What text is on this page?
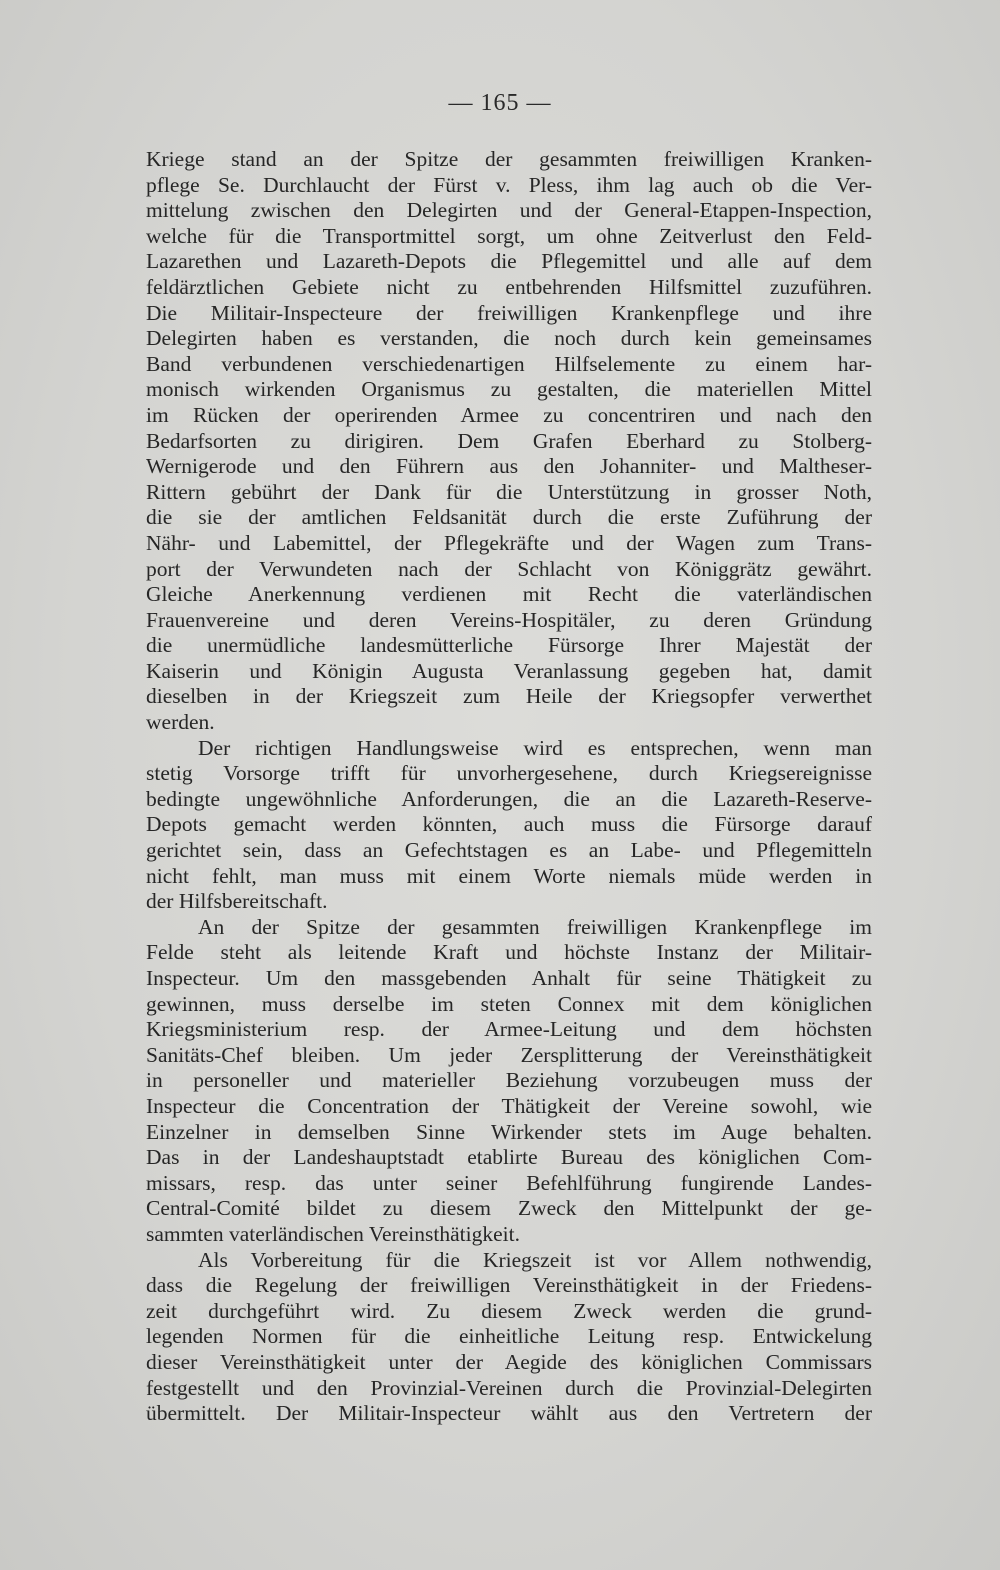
— 165 —
Kriege stand an der Spitze der gesammten freiwilligen Kranken-
pflege Se. Durchlaucht der Fürst v. Pless, ihm lag auch ob die Ver-
mittelung zwischen den Delegirten und der General-Etappen-Inspection,
welche für die Transportmittel sorgt, um ohne Zeitverlust den Feld-
Lazarethen und Lazareth-Depots die Pflegemittel und alle auf dem
feldärztlichen Gebiete nicht zu entbehrenden Hilfsmittel zuzuführen.
Die Militair-Inspecteure der freiwilligen Krankenpflege und ihre
Delegirten haben es verstanden, die noch durch kein gemeinsames
Band verbundenen verschiedenartigen Hilfselemente zu einem har-
monisch wirkenden Organismus zu gestalten, die materiellen Mittel
im Rücken der operirenden Armee zu concentriren und nach den
Bedarfsorten zu dirigiren. Dem Grafen Eberhard zu Stolberg-
Wernigerode und den Führern aus den Johanniter- und Maltheser-
Rittern gebührt der Dank für die Unterstützung in grosser Noth,
die sie der amtlichen Feldsanität durch die erste Zuführung der
Nähr- und Labemittel, der Pflegekräfte und der Wagen zum Trans-
port der Verwundeten nach der Schlacht von Königgrätz gewährt.
Gleiche Anerkennung verdienen mit Recht die vaterländischen
Frauenvereine und deren Vereins-Hospitäler, zu deren Gründung
die unermüdliche landesmütterliche Fürsorge Ihrer Majestät der
Kaiserin und Königin Augusta Veranlassung gegeben hat, damit
dieselben in der Kriegszeit zum Heile der Kriegsopfer verwerthet
werden.
Der richtigen Handlungsweise wird es entsprechen, wenn man
stetig Vorsorge trifft für unvorhergesehene, durch Kriegsereignisse
bedingte ungewöhnliche Anforderungen, die an die Lazareth-Reserve-
Depots gemacht werden könnten, auch muss die Fürsorge darauf
gerichtet sein, dass an Gefechtstagen es an Labe- und Pflegemitteln
nicht fehlt, man muss mit einem Worte niemals müde werden in
der Hilfsbereitschaft.
An der Spitze der gesammten freiwilligen Krankenpflege im
Felde steht als leitende Kraft und höchste Instanz der Militair-
Inspecteur. Um den massgebenden Anhalt für seine Thätigkeit zu
gewinnen, muss derselbe im steten Connex mit dem königlichen
Kriegsministerium resp. der Armee-Leitung und dem höchsten
Sanitäts-Chef bleiben. Um jeder Zersplitterung der Vereinsthätigkeit
in personeller und materieller Beziehung vorzubeugen muss der
Inspecteur die Concentration der Thätigkeit der Vereine sowohl, wie
Einzelner in demselben Sinne Wirkender stets im Auge behalten.
Das in der Landeshauptstadt etablirte Bureau des königlichen Com-
missars, resp. das unter seiner Befehlführung fungirende Landes-
Central-Comité bildet zu diesem Zweck den Mittelpunkt der ge-
sammten vaterländischen Vereinsthätigkeit.
Als Vorbereitung für die Kriegszeit ist vor Allem nothwendig,
dass die Regelung der freiwilligen Vereinsthätigkeit in der Friedens-
zeit durchgeführt wird. Zu diesem Zweck werden die grund-
legenden Normen für die einheitliche Leitung resp. Entwickelung
dieser Vereinsthätigkeit unter der Aegide des königlichen Commissars
festgestellt und den Provinzial-Vereinen durch die Provinzial-Delegirten
übermittelt. Der Militair-Inspecteur wählt aus den Vertretern der
